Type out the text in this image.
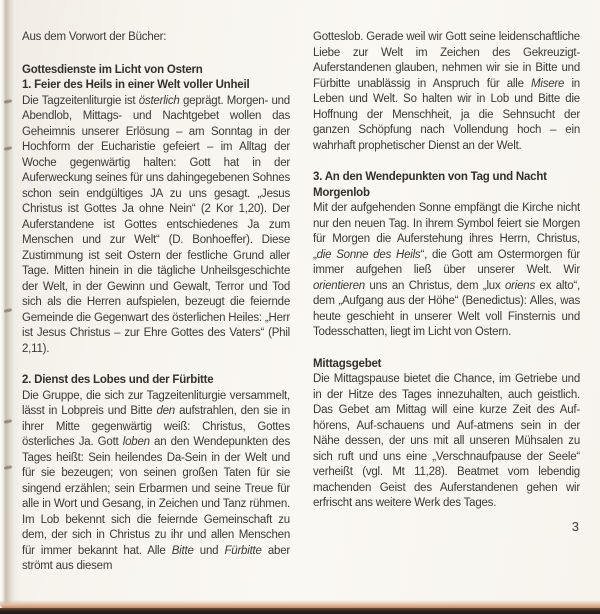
Aus dem Vorwort der Bücher:

Gottesdienste im Licht von Ostern
1. Feier des Heils in einer Welt voller Unheil

Die Tagzeitenliturgie ist österlich geprägt. Morgen- und Abendlob, Mittags- und Nachtgebet wollen das Geheimnis unserer Erlösung – am Sonntag in der Hochform der Eucharistie gefeiert – im Alltag der Woche gegenwärtig halten: Gott hat in der Auferweckung seines für uns dahingegebenen Sohnes schon sein endgültiges JA zu uns gesagt. „Jesus Christus ist Gottes Ja ohne Nein“ (2 Kor 1,20). Der Auferstandene ist Gottes entschiedenes Ja zum Menschen und zur Welt“ (D. Bonhoeffer). Diese Zustimmung ist seit Ostern der festliche Grund aller Tage. Mitten hinein in die tägliche Unheilsgeschichte der Welt, in der Gewinn und Gewalt, Terror und Tod sich als die Herren aufspielen, bezeugt die feiernde Gemeinde die Gegenwart des österlichen Heiles: „Herr ist Jesus Christus – zur Ehre Gottes des Vaters“ (Phil 2,11).

2. Dienst des Lobes und der Fürbitte

Die Gruppe, die sich zur Tagzeitenliturgie versammelt, lässt in Lobpreis und Bitte den aufstrahlen, den sie in ihrer Mitte gegenwärtig weiß: Christus, Gottes österliches Ja. Gott loben an den Wendepunkten des Tages heißt: Sein heilendes Da-Sein in der Welt und für sie bezeugen; von seinen großen Taten für sie singend erzählen; sein Erbarmen und seine Treue für alle in Wort und Gesang, in Zeichen und Tanz rühmen. Im Lob bekennt sich die feiernde Gemeinschaft zu dem, der sich in Christus zu ihr und allen Menschen für immer bekannt hat. Alle Bitte und Fürbitte aber strömt aus diesem

Gotteslob. Gerade weil wir Gott seine leidenschaftliche Liebe zur Welt im Zeichen des Gekreuzigt-Auferstandenen glauben, nehmen wir sie in Bitte und Fürbitte unablässig in Anspruch für alle Misere in Leben und Welt. So halten wir in Lob und Bitte die Hoffnung der Menschheit, ja die Sehnsucht der ganzen Schöpfung nach Vollendung hoch – ein wahrhaft prophetischer Dienst an der Welt.

3. An den Wendepunkten von Tag und Nacht
Morgenlob

Mit der aufgehenden Sonne empfängt die Kirche nicht nur den neuen Tag. In ihrem Symbol feiert sie Morgen für Morgen die Auferstehung ihres Herrn, Christus, „die Sonne des Heils“, die Gott am Ostermorgen für immer aufgehen ließ über unserer Welt. Wir orientieren uns an Christus, dem „lux oriens ex alto“, dem „Aufgang aus der Höhe“ (Benedictus): Alles, was heute geschieht in unserer Welt voll Finsternis und Todesschatten, liegt im Licht von Ostern.

Mittagsgebet

Die Mittagspause bietet die Chance, im Getriebe und in der Hitze des Tages innezuhalten, auch geistlich. Das Gebet am Mittag will eine kurze Zeit des Auf-hörens, Auf-schauens und Auf-atmens sein in der Nähe dessen, der uns mit all unseren Mühsalen zu sich ruft und uns eine „Verschnaufpause der Seele“ verheißt (vgl. Mt 11,28). Beatmet vom lebendig machenden Geist des Auferstandenen gehen wir erfrischt ans weitere Werk des Tages.

3
